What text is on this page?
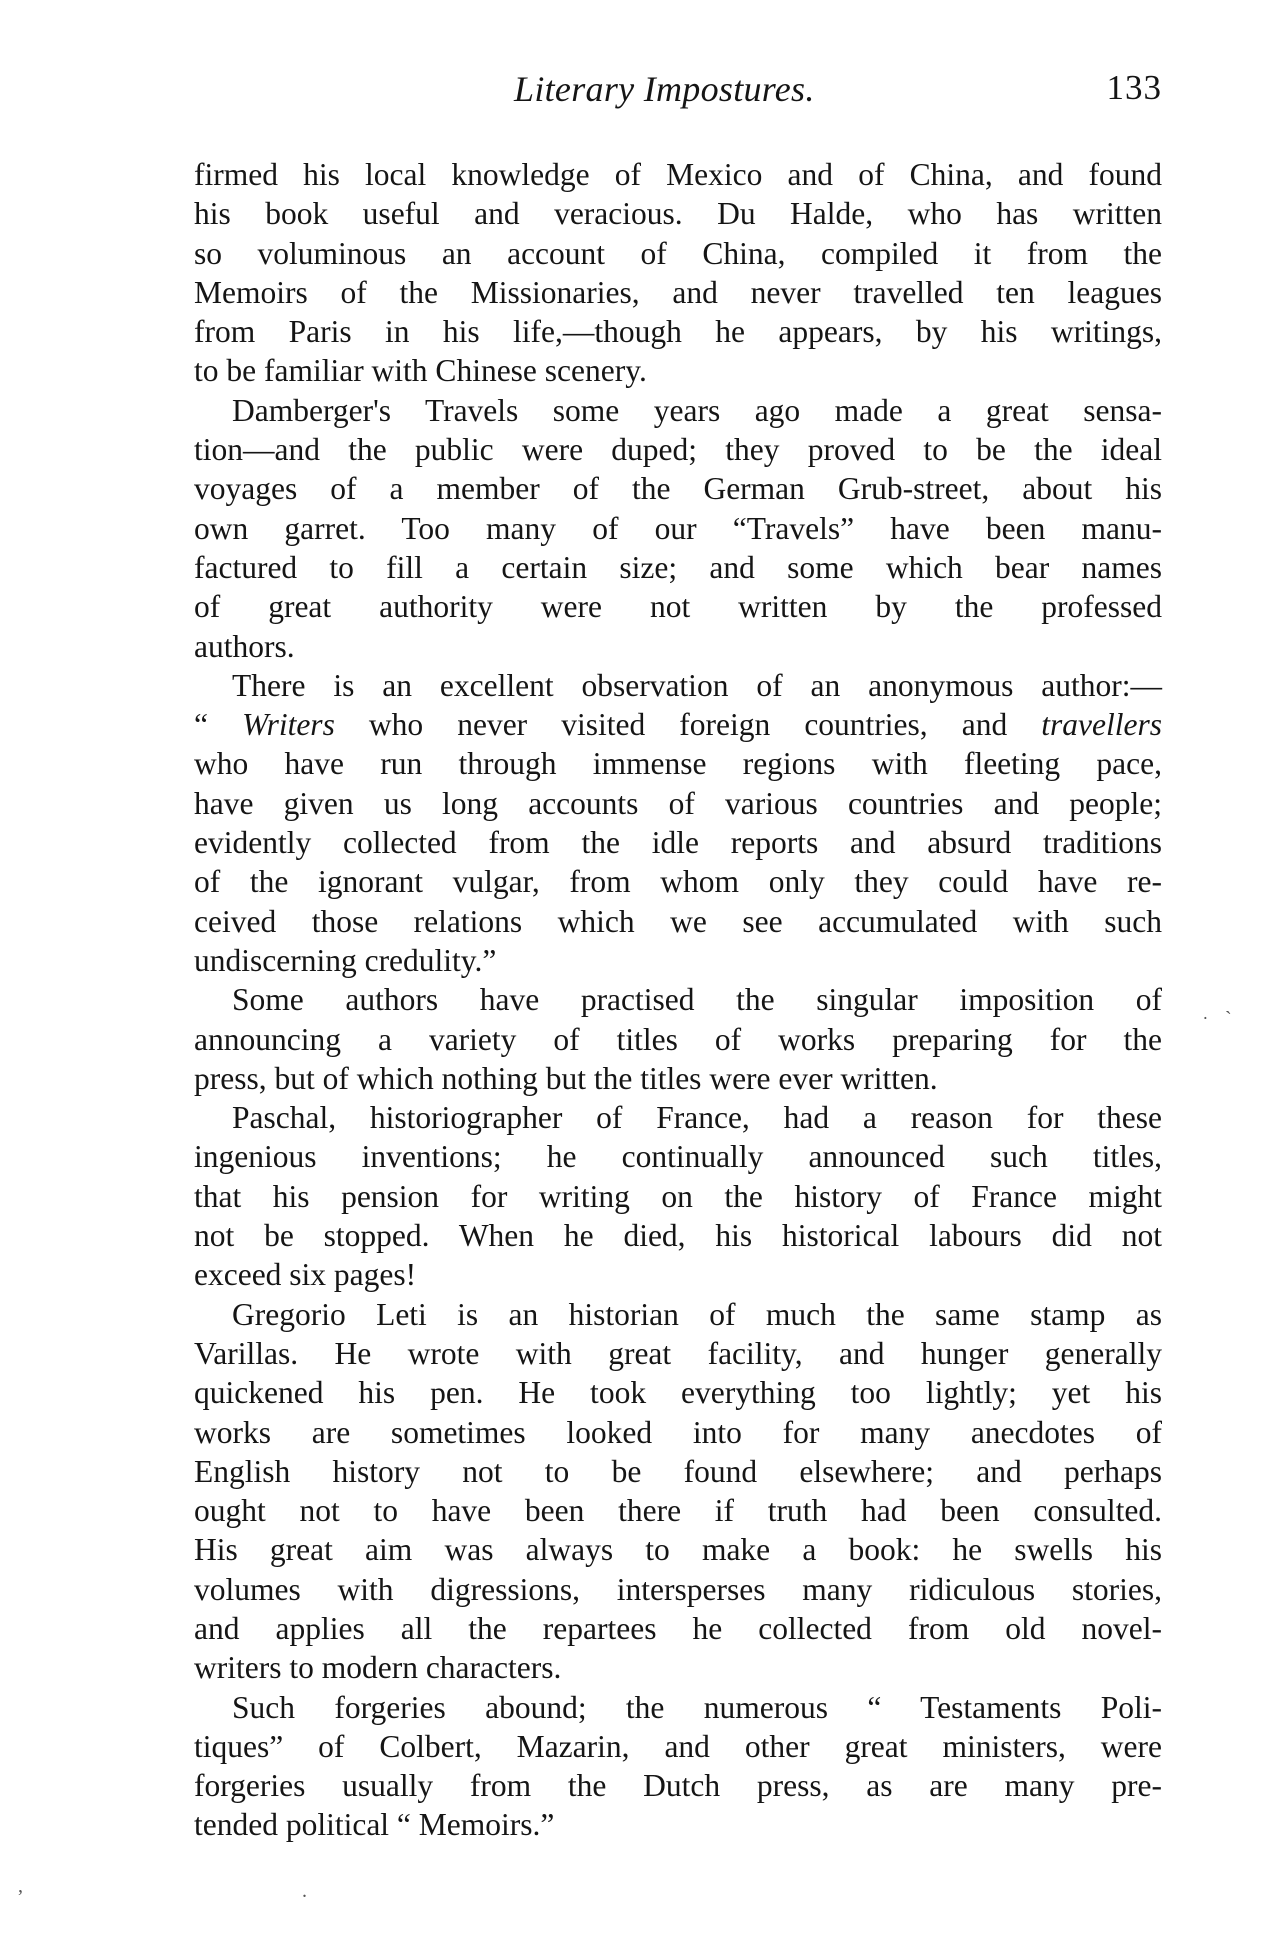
Literary Impostures.	133
firmed his local knowledge of Mexico and of China, and found
his book useful and veracious. Du Halde, who has written
so voluminous an account of China, compiled it from the
Memoirs of the Missionaries, and never travelled ten leagues
from Paris in his life,—though he appears, by his writings,
to be familiar with Chinese scenery.
Damberger's Travels some years ago made a great sensa-
tion—and the public were duped; they proved to be the ideal
voyages of a member of the German Grub-street, about his
own garret. Too many of our “Travels” have been manu-
factured to fill a certain size; and some which bear names
of great authority were not written by the professed
authors.
There is an excellent observation of an anonymous author:—
“ Writers who never visited foreign countries, and travellers
who have run through immense regions with fleeting pace,
have given us long accounts of various countries and people;
evidently collected from the idle reports and absurd traditions
of the ignorant vulgar, from whom only they could have re-
ceived those relations which we see accumulated with such
undiscerning credulity.”
Some authors have practised the singular imposition of
announcing a variety of titles of works preparing for the
press, but of which nothing but the titles were ever written.
Paschal, historiographer of France, had a reason for these
ingenious inventions; he continually announced such titles,
that his pension for writing on the history of France might
not be stopped. When he died, his historical labours did not
exceed six pages!
Gregorio Leti is an historian of much the same stamp as
Varillas. He wrote with great facility, and hunger generally
quickened his pen. He took everything too lightly; yet his
works are sometimes looked into for many anecdotes of
English history not to be found elsewhere; and perhaps
ought not to have been there if truth had been consulted.
His great aim was always to make a book: he swells his
volumes with digressions, intersperses many ridiculous stories,
and applies all the repartees he collected from old novel-
writers to modern characters.
Such forgeries abound; the numerous “ Testaments Poli-
tiques” of Colbert, Mazarin, and other great ministers, were
forgeries usually from the Dutch press, as are many pre-
tended political “ Memoirs.”
˙ `
,	.
